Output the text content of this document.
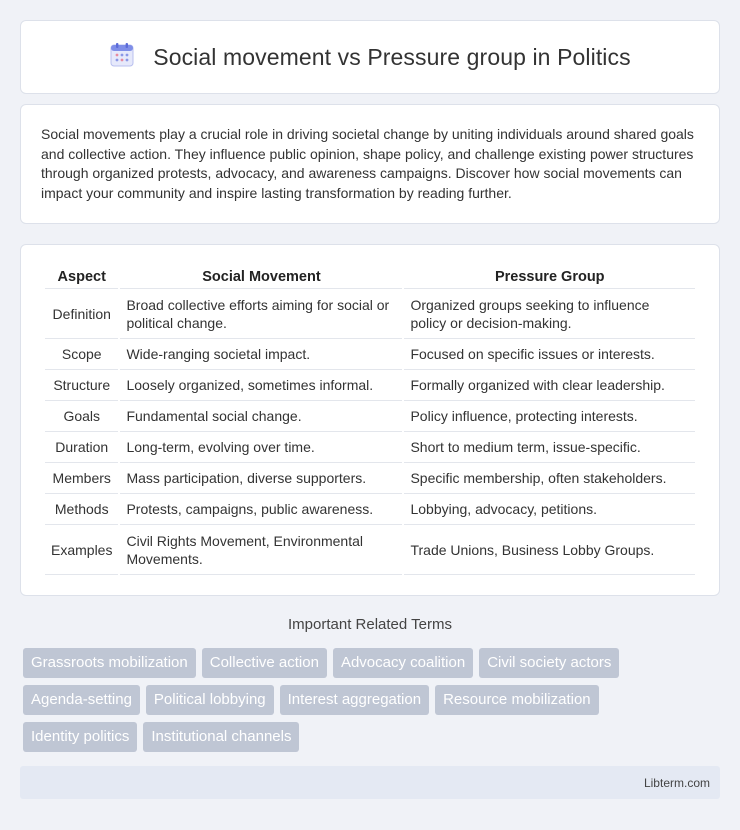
Social movement vs Pressure group in Politics

Social movements play a crucial role in driving societal change by uniting individuals around shared goals and collective action. They influence public opinion, shape policy, and challenge existing power structures through organized protests, advocacy, and awareness campaigns. Discover how social movements can impact your community and inspire lasting transformation by reading further.

Aspect	Social Movement	Pressure Group
Definition	Broad collective efforts aiming for social or political change.	Organized groups seeking to influence policy or decision-making.
Scope	Wide-ranging societal impact.	Focused on specific issues or interests.
Structure	Loosely organized, sometimes informal.	Formally organized with clear leadership.
Goals	Fundamental social change.	Policy influence, protecting interests.
Duration	Long-term, evolving over time.	Short to medium term, issue-specific.
Members	Mass participation, diverse supporters.	Specific membership, often stakeholders.
Methods	Protests, campaigns, public awareness.	Lobbying, advocacy, petitions.
Examples	Civil Rights Movement, Environmental Movements.	Trade Unions, Business Lobby Groups.
Important Related Terms
Grassroots mobilization	Collective action	Advocacy coalition	Civil society actors
Agenda-setting	Political lobbying	Interest aggregation	Resource mobilization
Identity politics	Institutional channels
Libterm.com
